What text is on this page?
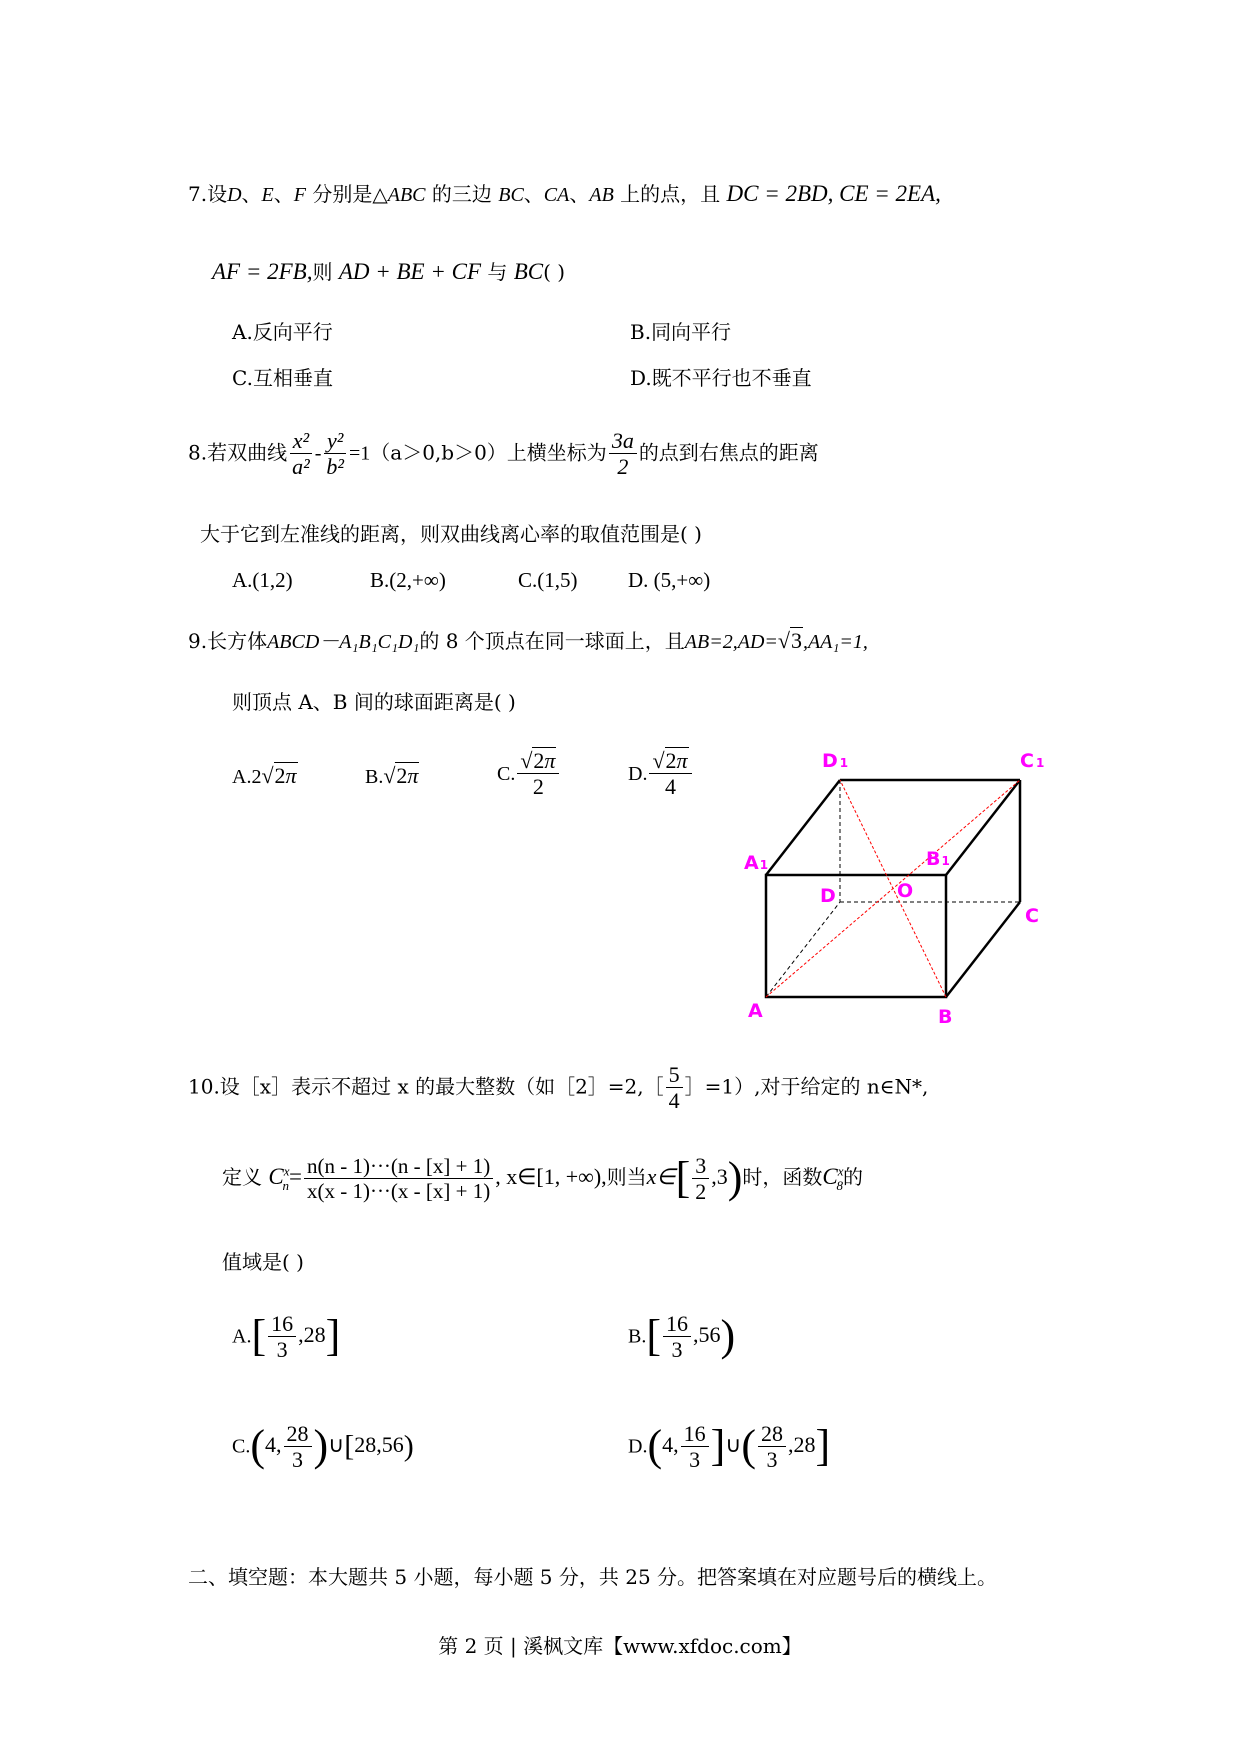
7.设D、E、F 分别是△ABC 的三边 BC、CA、AB 上的点，且 DC = 2BD, CE = 2EA,
AF = 2FB,则 AD + BE + CF 与 BC( )
A.反向平行	B.同向平行
C.互相垂直	D.既不平行也不垂直
8.若双曲线 $\frac{\text{x²}}{\text{a²}} - \frac{\text{y²}}{\text{b²}} =1(a>0,b>0)$上横坐标为 $\frac{3a}{2}$ 的点到右焦点的距离
大于它到左准线的距离，则双曲线离心率的取值范围是( )
A.(1,2)	B.(2,+∞)	C.(1,5) D. (5,+∞)
9.长方体ABCD－A₁B₁C₁D₁的 8 个顶点在同一球面上，且AB=2,AD=√3,AA₁=1,
则顶点 A、B 间的球面距离是( )
A.2√2π	B.√2π	C. $\frac{√2\pi}{2}$	D. $\frac{√2\pi}{4}$	D 1	C 1
A1	B1
D	O
C
A	B
10.设［x］表示不超过 x 的最大整数（如［2］=2,［ $\frac{5}{4}$ ］=1）,对于给定的 n∈N*,
定义 $C^x_n= \frac{n(n - 1)\cdot\cdot\cdot(n - [x] + 1)}{x(x - 1)\cdot\cdot\cdot(x - [x] + 1)}$ , x∈[1, +∞),则当x∈[ $\frac{3}{2} ,3$)时，函数$C^x_8$的
值域是( )
$A.[ \frac{16}{3} ,28]$	$B.[ \frac{16}{3} ,56)$
C.(4, $\frac{28}{3}$ )∪[28,56)	D.(4, $\frac{16}{3}$ ]∪( $\frac{28}{3} ,28$]
二、填空题：本大题共 5 小题，每小题 5 分，共 25 分。把答案填在对应题号后的横线上。
第 2 页 | 溪枫文库【www.xfdoc.com】
